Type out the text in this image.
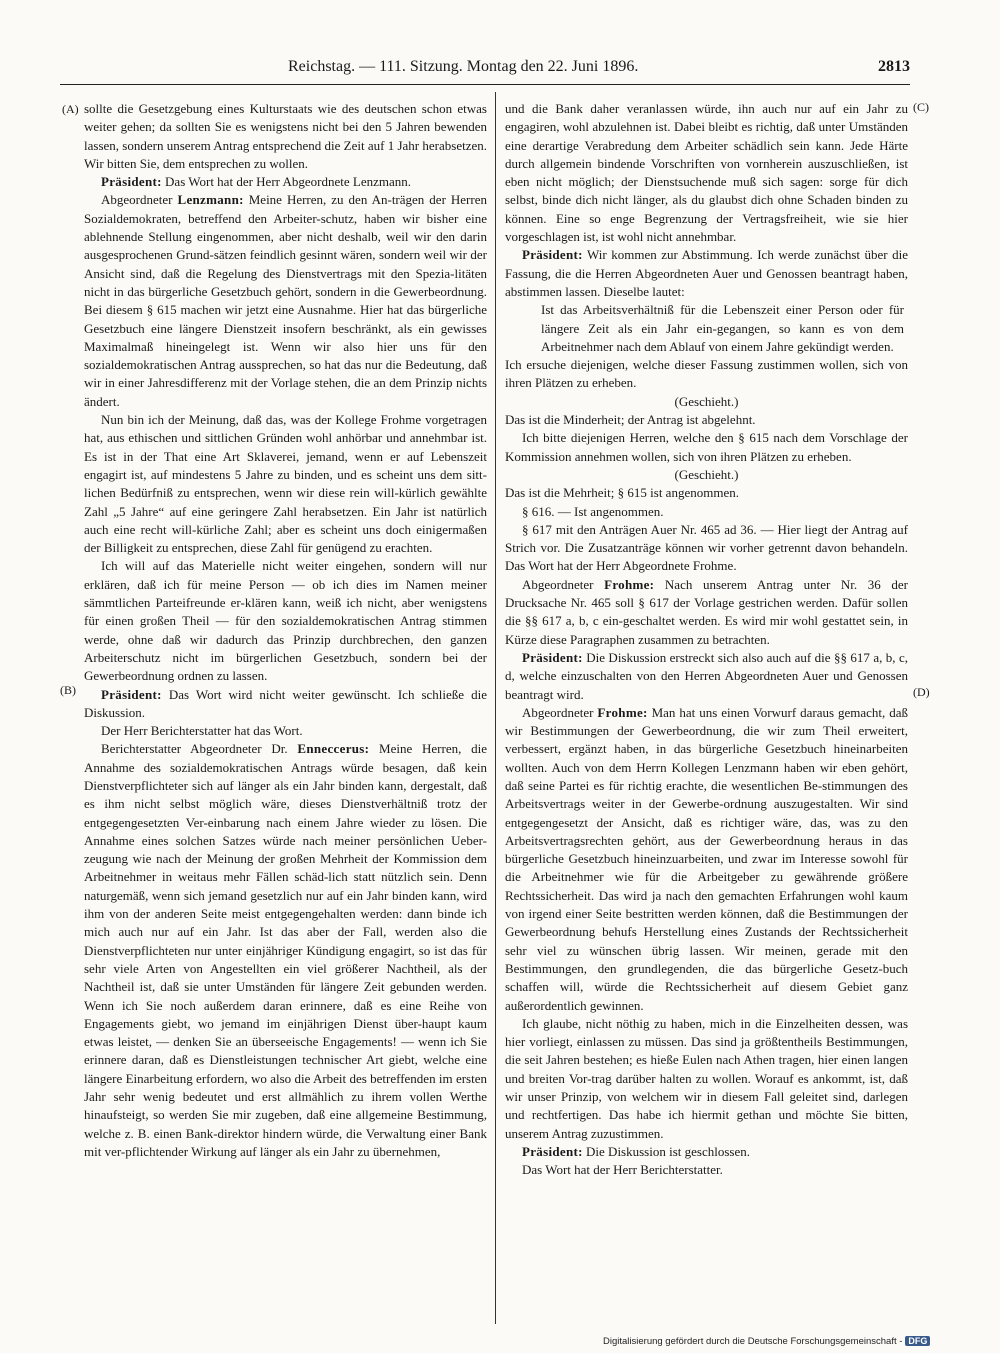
Reichstag. — 111. Sitzung. Montag den 22. Juni 1896.	2813
(A)
(B)
(C)
(D)

sollte die Gesetzgebung eines Kulturstaats wie des deutschen schon etwas weiter gehen; da sollten Sie es wenigstens nicht bei den 5 Jahren bewenden lassen, sondern unserem Antrag entsprechend die Zeit auf 1 Jahr herabsetzen. Wir bitten Sie, dem entsprechen zu wollen.

Präsident: Das Wort hat der Herr Abgeordnete Lenzmann.

Abgeordneter Lenzmann: Meine Herren, zu den An-trägen der Herren Sozialdemokraten, betreffend den Arbeiter-schutz, haben wir bisher eine ablehnende Stellung eingenommen, aber nicht deshalb, weil wir den darin ausgesprochenen Grund-sätzen feindlich gesinnt wären, sondern weil wir der Ansicht sind, daß die Regelung des Dienstvertrags mit den Spezia-litäten nicht in das bürgerliche Gesetzbuch gehört, sondern in die Gewerbeordnung. Bei diesem § 615 machen wir jetzt eine Ausnahme. Hier hat das bürgerliche Gesetzbuch eine längere Dienstzeit insofern beschränkt, als ein gewisses Maximalmaß hineingelegt ist. Wenn wir also hier uns für den sozialdemokratischen Antrag aussprechen, so hat das nur die Bedeutung, daß wir in einer Jahresdifferenz mit der Vorlage stehen, die an dem Prinzip nichts ändert.

Nun bin ich der Meinung, daß das, was der Kollege Frohme vorgetragen hat, aus ethischen und sittlichen Gründen wohl anhörbar und annehmbar ist. Es ist in der That eine Art Sklaverei, jemand, wenn er auf Lebenszeit engagirt ist, auf mindestens 5 Jahre zu binden, und es scheint uns dem sitt-lichen Bedürfniß zu entsprechen, wenn wir diese rein will-kürlich gewählte Zahl „5 Jahre“ auf eine geringere Zahl herabsetzen. Ein Jahr ist natürlich auch eine recht will-kürliche Zahl; aber es scheint uns doch einigermaßen der Billigkeit zu entsprechen, diese Zahl für genügend zu erachten.

Ich will auf das Materielle nicht weiter eingehen, sondern will nur erklären, daß ich für meine Person — ob ich dies im Namen meiner sämmtlichen Parteifreunde er-klären kann, weiß ich nicht, aber wenigstens für einen großen Theil — für den sozialdemokratischen Antrag stimmen werde, ohne daß wir dadurch das Prinzip durchbrechen, den ganzen Arbeiterschutz nicht im bürgerlichen Gesetzbuch, sondern bei der Gewerbeordnung ordnen zu lassen.

Präsident: Das Wort wird nicht weiter gewünscht. Ich schließe die Diskussion.

Der Herr Berichterstatter hat das Wort.

Berichterstatter Abgeordneter Dr. Enneccerus: Meine Herren, die Annahme des sozialdemokratischen Antrags würde besagen, daß kein Dienstverpflichteter sich auf länger als ein Jahr binden kann, dergestalt, daß es ihm nicht selbst möglich wäre, dieses Dienstverhältniß trotz der entgegengesetzten Ver-einbarung nach einem Jahre wieder zu lösen. Die Annahme eines solchen Satzes würde nach meiner persönlichen Ueber-zeugung wie nach der Meinung der großen Mehrheit der Kommission dem Arbeitnehmer in weitaus mehr Fällen schäd-lich statt nützlich sein. Denn naturgemäß, wenn sich jemand gesetzlich nur auf ein Jahr binden kann, wird ihm von der anderen Seite meist entgegengehalten werden: dann binde ich mich auch nur auf ein Jahr. Ist das aber der Fall, werden also die Dienstverpflichteten nur unter einjähriger Kündigung engagirt, so ist das für sehr viele Arten von Angestellten ein viel größerer Nachtheil, als der Nachtheil ist, daß sie unter Umständen für längere Zeit gebunden werden. Wenn ich Sie noch außerdem daran erinnere, daß es eine Reihe von Engagements giebt, wo jemand im einjährigen Dienst über-haupt kaum etwas leistet, — denken Sie an überseeische Engagements! — wenn ich Sie erinnere daran, daß es Dienstleistungen technischer Art giebt, welche eine längere Einarbeitung erfordern, wo also die Arbeit des betreffenden im ersten Jahr sehr wenig bedeutet und erst allmählich zu ihrem vollen Werthe hinaufsteigt, so werden Sie mir zugeben, daß eine allgemeine Bestimmung, welche z. B. einen Bank-direktor hindern würde, die Verwaltung einer Bank mit ver-pflichtender Wirkung auf länger als ein Jahr zu übernehmen,

und die Bank daher veranlassen würde, ihn auch nur auf ein Jahr zu engagiren, wohl abzulehnen ist. Dabei bleibt es richtig, daß unter Umständen eine derartige Verabredung dem Arbeiter schädlich sein kann. Jede Härte durch allgemein bindende Vorschriften von vornherein auszuschließen, ist eben nicht möglich; der Dienstsuchende muß sich sagen: sorge für dich selbst, binde dich nicht länger, als du glaubst dich ohne Schaden binden zu können. Eine so enge Begrenzung der Vertragsfreiheit, wie sie hier vorgeschlagen ist, ist wohl nicht annehmbar.

Präsident: Wir kommen zur Abstimmung. Ich werde zunächst über die Fassung, die die Herren Abgeordneten Auer und Genossen beantragt haben, abstimmen lassen. Dieselbe lautet:

Ist das Arbeitsverhältniß für die Lebenszeit einer Person oder für längere Zeit als ein Jahr ein-gegangen, so kann es von dem Arbeitnehmer nach dem Ablauf von einem Jahre gekündigt werden.

Ich ersuche diejenigen, welche dieser Fassung zustimmen wollen, sich von ihren Plätzen zu erheben.

(Geschieht.)

Das ist die Minderheit; der Antrag ist abgelehnt.

Ich bitte diejenigen Herren, welche den § 615 nach dem Vorschlage der Kommission annehmen wollen, sich von ihren Plätzen zu erheben.

(Geschieht.)

Das ist die Mehrheit; § 615 ist angenommen.

§ 616. — Ist angenommen.

§ 617 mit den Anträgen Auer Nr. 465 ad 36. — Hier liegt der Antrag auf Strich vor. Die Zusatzanträge können wir vorher getrennt davon behandeln. Das Wort hat der Herr Abgeordnete Frohme.

Abgeordneter Frohme: Nach unserem Antrag unter Nr. 36 der Drucksache Nr. 465 soll § 617 der Vorlage gestrichen werden. Dafür sollen die §§ 617 a, b, c ein-geschaltet werden. Es wird mir wohl gestattet sein, in Kürze diese Paragraphen zusammen zu betrachten.

Präsident: Die Diskussion erstreckt sich also auch auf die §§ 617 a, b, c, d, welche einzuschalten von den Herren Abgeordneten Auer und Genossen beantragt wird.

Abgeordneter Frohme: Man hat uns einen Vorwurf daraus gemacht, daß wir Bestimmungen der Gewerbeordnung, die wir zum Theil erweitert, verbessert, ergänzt haben, in das bürgerliche Gesetzbuch hineinarbeiten wollten. Auch von dem Herrn Kollegen Lenzmann haben wir eben gehört, daß seine Partei es für richtig erachte, die wesentlichen Be-stimmungen des Arbeitsvertrags weiter in der Gewerbe-ordnung auszugestalten. Wir sind entgegengesetzt der Ansicht, daß es richtiger wäre, das, was zu den Arbeitsvertragsrechten gehört, aus der Gewerbeordnung heraus in das bürgerliche Gesetzbuch hineinzuarbeiten, und zwar im Interesse sowohl für die Arbeitnehmer wie für die Arbeitgeber zu gewährende größere Rechtssicherheit. Das wird ja nach den gemachten Erfahrungen wohl kaum von irgend einer Seite bestritten werden können, daß die Bestimmungen der Gewerbeordnung behufs Herstellung eines Zustands der Rechtssicherheit sehr viel zu wünschen übrig lassen. Wir meinen, gerade mit den Bestimmungen, den grundlegenden, die das bürgerliche Gesetz-buch schaffen will, würde die Rechtssicherheit auf diesem Gebiet ganz außerordentlich gewinnen.

Ich glaube, nicht nöthig zu haben, mich in die Einzelheiten dessen, was hier vorliegt, einlassen zu müssen. Das sind ja größtentheils Bestimmungen, die seit Jahren bestehen; es hieße Eulen nach Athen tragen, hier einen langen und breiten Vor-trag darüber halten zu wollen. Worauf es ankommt, ist, daß wir unser Prinzip, von welchem wir in diesem Fall geleitet sind, darlegen und rechtfertigen. Das habe ich hiermit gethan und möchte Sie bitten, unserem Antrag zuzustimmen.

Präsident: Die Diskussion ist geschlossen.

Das Wort hat der Herr Berichterstatter.

Digitalisierung gefördert durch die Deutsche Forschungsgemeinschaft - DFG
